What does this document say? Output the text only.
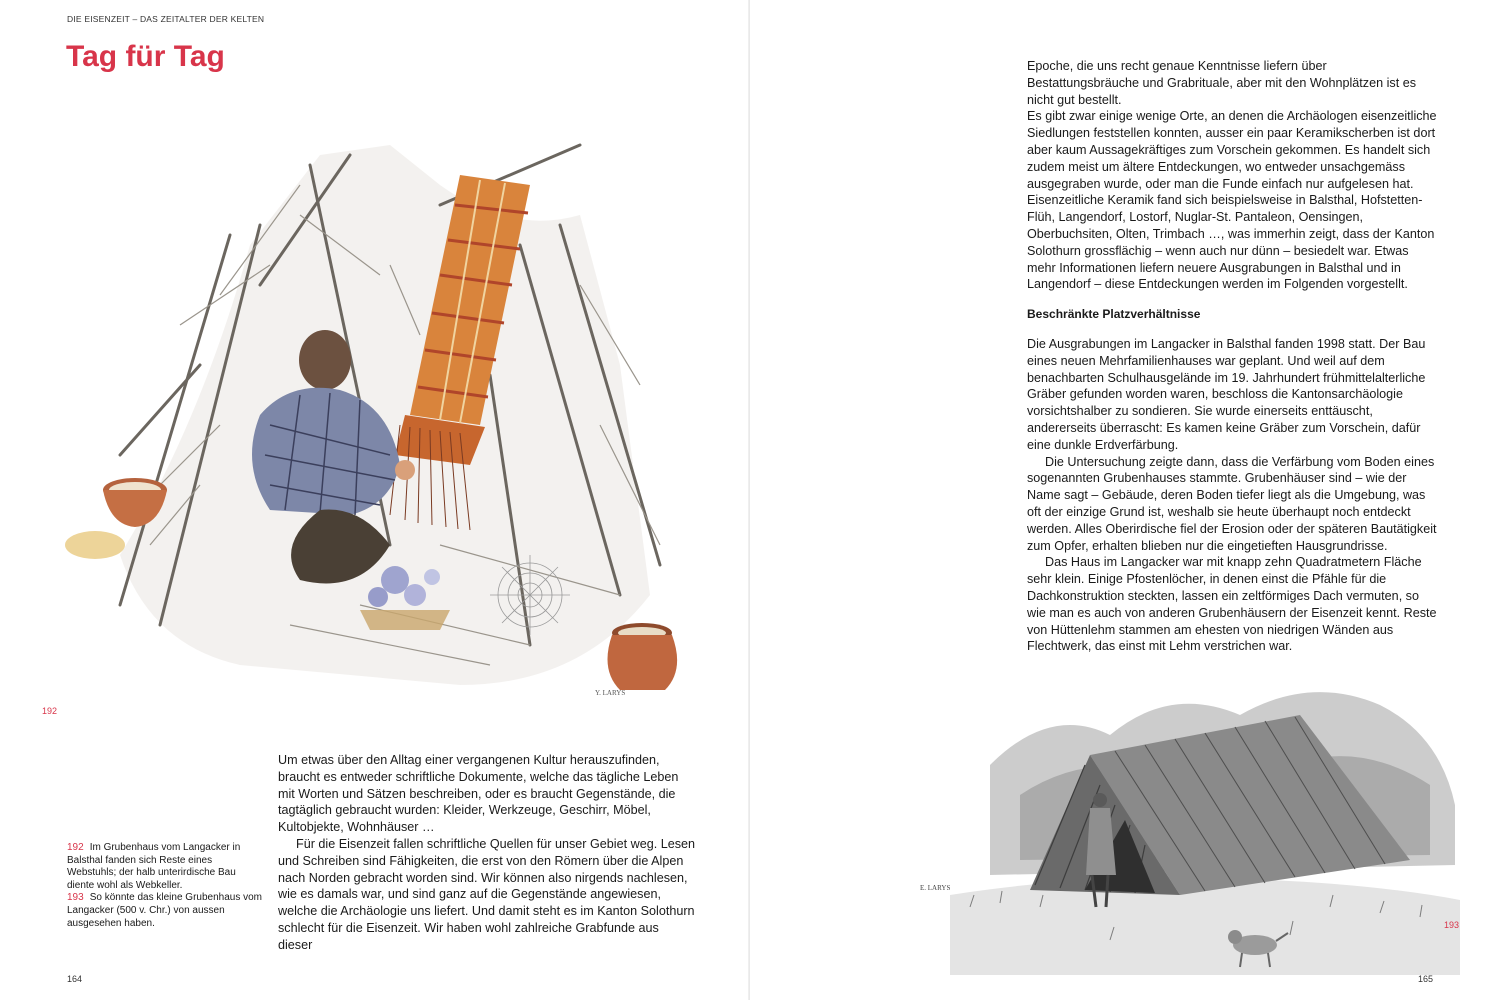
DIE EISENZEIT – DAS ZEITALTER DER KELTEN
Tag für Tag
Y. LARYS
192

192 Im Grubenhaus vom Langacker in Balsthal fanden sich Reste eines Webstuhls; der halb unterirdische Bau diente wohl als Webkeller.

193 So könnte das kleine Grubenhaus vom Langacker (500 v. Chr.) von aussen ausgesehen haben.

Um etwas über den Alltag einer vergangenen Kultur herauszufinden, braucht es entweder schriftliche Dokumente, welche das tägliche Leben mit Worten und Sätzen beschreiben, oder es braucht Gegenstände, die tagtäglich gebraucht wurden: Kleider, Werkzeuge, Geschirr, Möbel, Kultobjekte, Wohnhäuser …

Für die Eisenzeit fallen schriftliche Quellen für unser Gebiet weg. Lesen und Schreiben sind Fähigkeiten, die erst von den Römern über die Alpen nach Norden gebracht worden sind. Wir können also nirgends nachlesen, wie es damals war, und sind ganz auf die Gegenstände angewiesen, welche die Archäologie uns liefert. Und damit steht es im Kanton Solothurn schlecht für die Eisenzeit. Wir haben wohl zahlreiche Grabfunde aus dieser

164

Epoche, die uns recht genaue Kenntnisse liefern über Bestattungsbräuche und Grabrituale, aber mit den Wohnplätzen ist es nicht gut bestellt.

Es gibt zwar einige wenige Orte, an denen die Archäologen eisenzeitliche Siedlungen feststellen konnten, ausser ein paar Keramikscherben ist dort aber kaum Aussagekräftiges zum Vorschein gekommen. Es handelt sich zudem meist um ältere Entdeckungen, wo entweder unsachgemäss ausgegraben wurde, oder man die Funde einfach nur aufgelesen hat. Eisenzeitliche Keramik fand sich beispielsweise in Balsthal, Hofstetten-Flüh, Langendorf, Lostorf, Nuglar-St. Pantaleon, Oensingen, Oberbuchsiten, Olten, Trimbach …, was immerhin zeigt, dass der Kanton Solothurn grossflächig – wenn auch nur dünn – besiedelt war. Etwas mehr Informationen liefern neuere Ausgrabungen in Balsthal und in Langendorf – diese Entdeckungen werden im Folgenden vorgestellt.

Beschränkte Platzverhältnisse

Die Ausgrabungen im Langacker in Balsthal fanden 1998 statt. Der Bau eines neuen Mehrfamilienhauses war geplant. Und weil auf dem benachbarten Schulhausgelände im 19. Jahrhundert frühmittelalterliche Gräber gefunden worden waren, beschloss die Kantonsarchäologie vorsichtshalber zu sondieren. Sie wurde einerseits enttäuscht, andererseits überrascht: Es kamen keine Gräber zum Vorschein, dafür eine dunkle Erdverfärbung.

Die Untersuchung zeigte dann, dass die Verfärbung vom Boden eines sogenannten Grubenhauses stammte. Grubenhäuser sind – wie der Name sagt – Gebäude, deren Boden tiefer liegt als die Umgebung, was oft der einzige Grund ist, weshalb sie heute überhaupt noch entdeckt werden. Alles Oberirdische fiel der Erosion oder der späteren Bautätigkeit zum Opfer, erhalten blieben nur die eingetieften Hausgrundrisse.

Das Haus im Langacker war mit knapp zehn Quadratmetern Fläche sehr klein. Einige Pfostenlöcher, in denen einst die Pfähle für die Dachkonstruktion steckten, lassen ein zeltförmiges Dach vermuten, so wie man es auch von anderen Grubenhäusern der Eisenzeit kennt. Reste von Hüttenlehm stammen am ehesten von niedrigen Wänden aus Flechtwerk, das einst mit Lehm verstrichen war.

E. LARYS
193
165
